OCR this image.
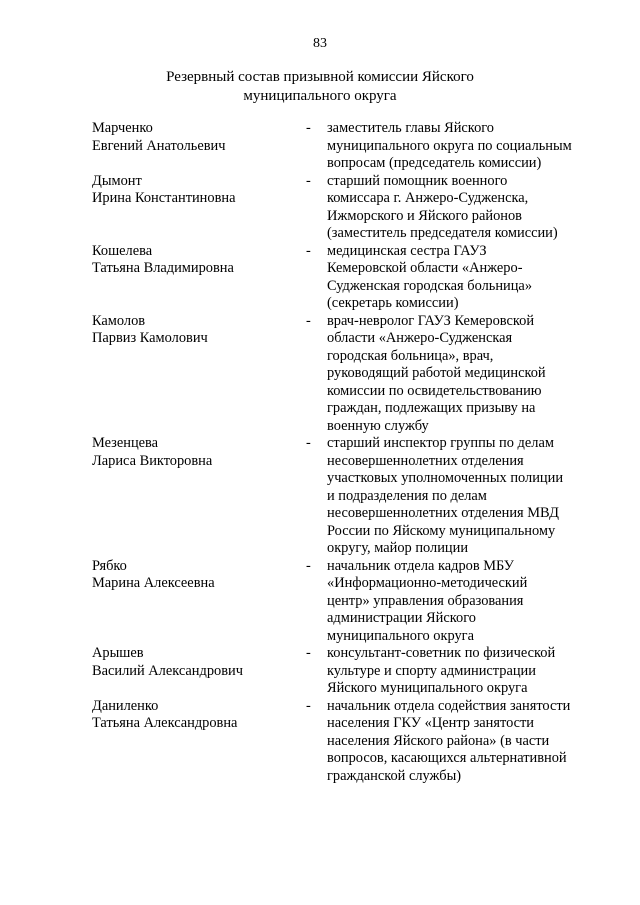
83
Резервный состав призывной комиссии Яйского
муниципального округа
Марченко
Евгений Анатольевич
- заместитель главы Яйского
муниципального округа по социальным
вопросам (председатель комиссии)
Дымонт
Ирина Константиновна
- старший помощник военного
комиссара г. Анжеро-Судженска,
Ижморского и Яйского районов
(заместитель председателя комиссии)
Кошелева
Татьяна Владимировна
- медицинская сестра ГАУЗ
Кемеровской области «Анжеро-
Судженская городская больница»
(секретарь комиссии)
Камолов
Парвиз Камолович
- врач-невролог ГАУЗ Кемеровской
области «Анжеро-Судженская
городская больница», врач,
руководящий работой медицинской
комиссии по освидетельствованию
граждан, подлежащих призыву на
военную службу
Мезенцева
Лариса Викторовна
- старший инспектор группы по делам
несовершеннолетних отделения
участковых уполномоченных полиции
и подразделения по делам
несовершеннолетних отделения МВД
России по Яйскому муниципальному
округу, майор полиции
Рябко
Марина Алексеевна
- начальник отдела кадров МБУ
«Информационно-методический
центр» управления образования
администрации Яйского
муниципального округа
Арышев
Василий Александрович
- консультант-советник по физической
культуре и спорту администрации
Яйского муниципального округа
Даниленко
Татьяна Александровна
- начальник отдела содействия занятости
населения ГКУ «Центр занятости
населения Яйского района» (в части
вопросов, касающихся альтернативной
гражданской службы)
